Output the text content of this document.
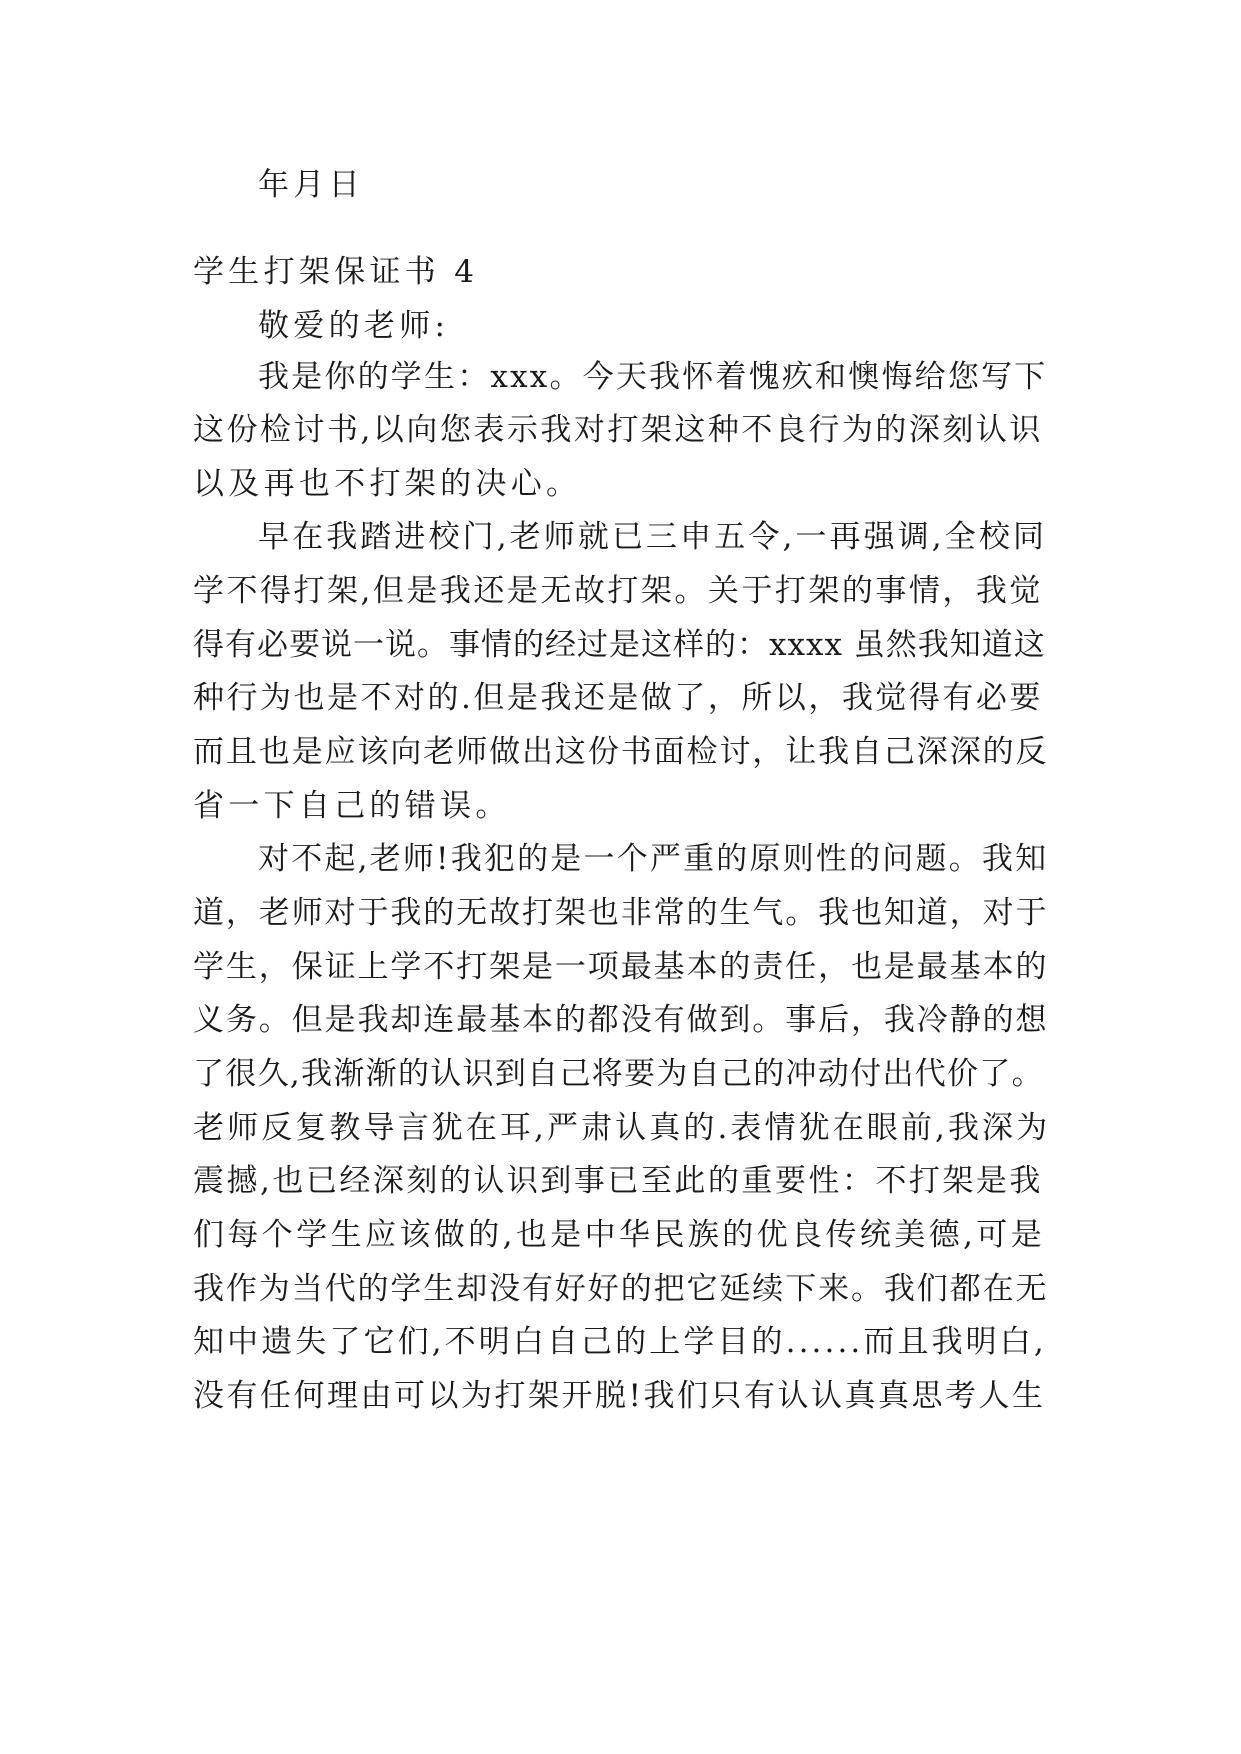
年月日
学生打架保证书 4
敬爱的老师:
我是你的学生：xxx。今天我怀着愧疚和懊悔给您写下
这份检讨书,以向您表示我对打架这种不良行为的深刻认识
以及再也不打架的决心。
早在我踏进校门,老师就已三申五令,一再强调,全校同
学不得打架,但是我还是无故打架。关于打架的事情，我觉
得有必要说一说。事情的经过是这样的：xxxx 虽然我知道这
种行为也是不对的.但是我还是做了，所以，我觉得有必要
而且也是应该向老师做出这份书面检讨，让我自己深深的反
省一下自己的错误。
对不起,老师!我犯的是一个严重的原则性的问题。我知
道，老师对于我的无故打架也非常的生气。我也知道，对于
学生，保证上学不打架是一项最基本的责任，也是最基本的
义务。但是我却连最基本的都没有做到。事后，我冷静的想
了很久,我渐渐的认识到自己将要为自己的冲动付出代价了。
老师反复教导言犹在耳,严肃认真的.表情犹在眼前,我深为
震撼,也已经深刻的认识到事已至此的重要性：不打架是我
们每个学生应该做的,也是中华民族的优良传统美德,可是
我作为当代的学生却没有好好的把它延续下来。我们都在无
知中遗失了它们,不明白自己的上学目的......而且我明白,
没有任何理由可以为打架开脱!我们只有认认真真思考人生
